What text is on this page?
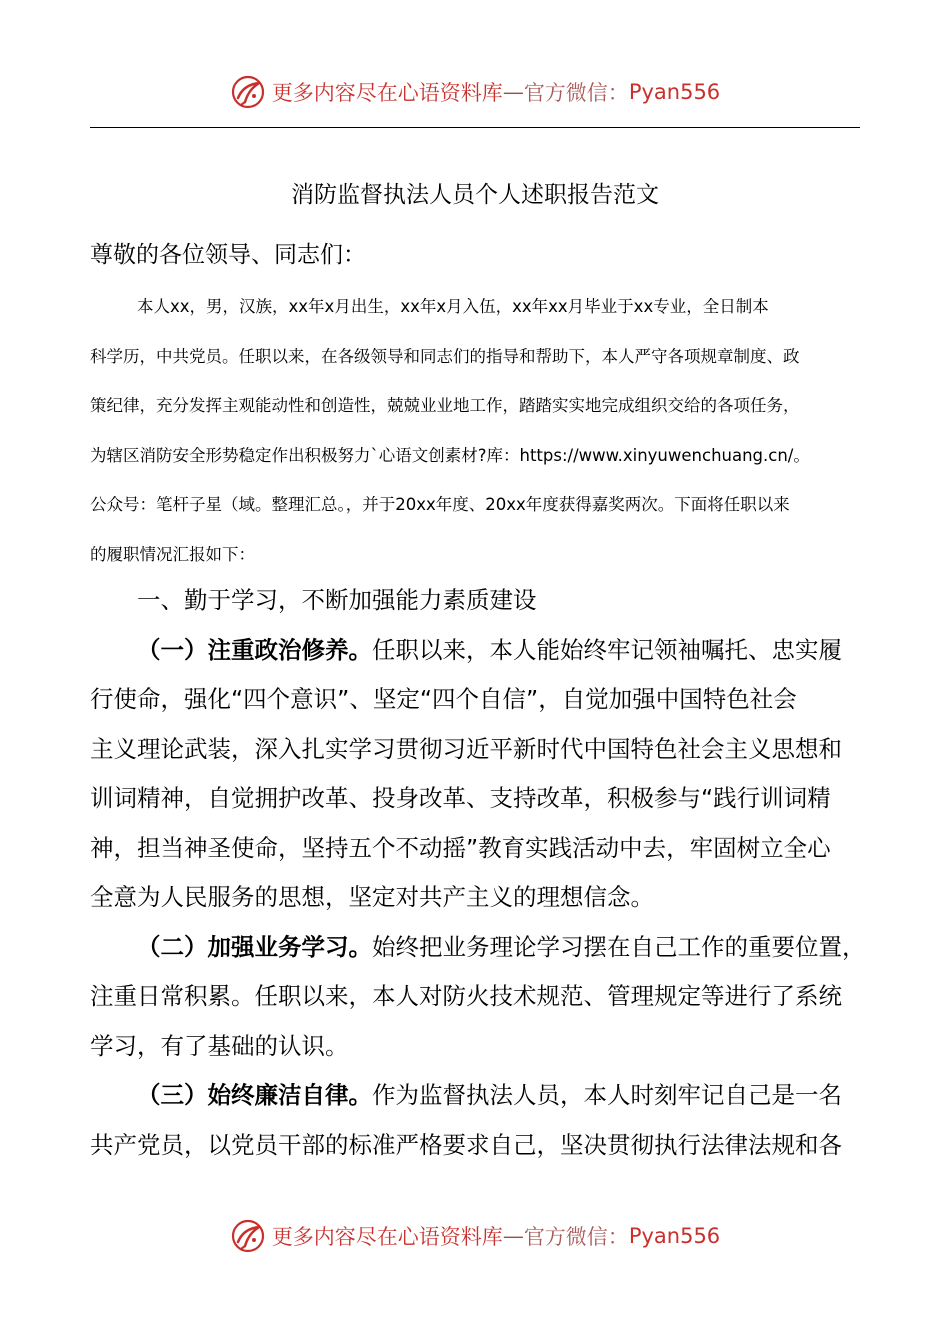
更多内容尽在心语资料库 — 官方微信： Pyan556
消防监督执法人员个人述职报告范文
尊敬的各位领导、同志们：

本人xx，男，汉族，xx年x月出生，xx年x月入伍，xx年xx月毕业于xx专业，全日制本

科学历，中共党员。任职以来，在各级领导和同志们的指导和帮助下，本人严守各项规章制度、政

策纪律，充分发挥主观能动性和创造性，兢兢业业地工作，踏踏实实地完成组织交给的各项任务，

为辖区消防安全形势稳定作出积极努力`心语文创素材?库：https://www.xinyuwenchuang.cn/。

公众号：笔杆子星（域。整理汇总。，并于20xx年度、20xx年度获得嘉奖两次。下面将任职以来

的履职情况汇报如下：

一、勤于学习，不断加强能力素质建设

（一）注重政治修养。任职以来，本人能始终牢记领袖嘱托、忠实履

行使命，强化“四个意识”、坚定“四个自信”，自觉加强中国特色社会

主义理论武装，深入扎实学习贯彻习近平新时代中国特色社会主义思想和

训词精神，自觉拥护改革、投身改革、支持改革，积极参与“践行训词精

神，担当神圣使命，坚持五个不动摇”教育实践活动中去，牢固树立全心

全意为人民服务的思想，坚定对共产主义的理想信念。

（二）加强业务学习。始终把业务理论学习摆在自己工作的重要位置，

注重日常积累。任职以来，本人对防火技术规范、管理规定等进行了系统

学习，有了基础的认识。

（三）始终廉洁自律。作为监督执法人员，本人时刻牢记自己是一名

共产党员，以党员干部的标准严格要求自己，坚决贯彻执行法律法规和各

更多内容尽在心语资料库 — 官方微信： Pyan556
